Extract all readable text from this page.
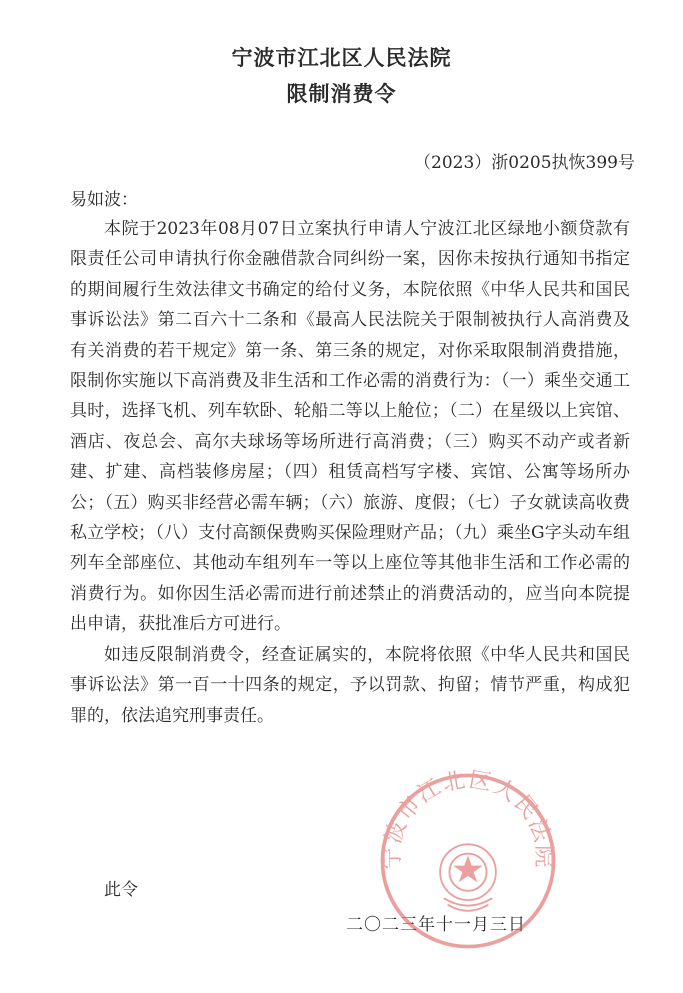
宁波市江北区人民法院
限制消费令
（2023）浙0205执恢399号
易如波：

本院于2023年08月07日立案执行申请人宁波江北区绿地小额贷款有限责任公司申请执行你金融借款合同纠纷一案，因你未按执行通知书指定的期间履行生效法律文书确定的给付义务，本院依照《中华人民共和国民事诉讼法》第二百六十二条和《最高人民法院关于限制被执行人高消费及有关消费的若干规定》第一条、第三条的规定，对你采取限制消费措施，限制你实施以下高消费及非生活和工作必需的消费行为：（一）乘坐交通工具时，选择飞机、列车软卧、轮船二等以上舱位；（二）在星级以上宾馆、酒店、夜总会、高尔夫球场等场所进行高消费；（三）购买不动产或者新建、扩建、高档装修房屋；（四）租赁高档写字楼、宾馆、公寓等场所办公；（五）购买非经营必需车辆；（六）旅游、度假；（七）子女就读高收费私立学校；（八）支付高额保费购买保险理财产品；（九）乘坐G字头动车组列车全部座位、其他动车组列车一等以上座位等其他非生活和工作必需的消费行为。如你因生活必需而进行前述禁止的消费活动的，应当向本院提出申请，获批准后方可进行。

如违反限制消费令，经查证属实的，本院将依照《中华人民共和国民事诉讼法》第一百一十四条的规定，予以罚款、拘留；情节严重，构成犯罪的，依法追究刑事责任。

此令
二〇二三年十一月三日
宁波市江北区人民法院
